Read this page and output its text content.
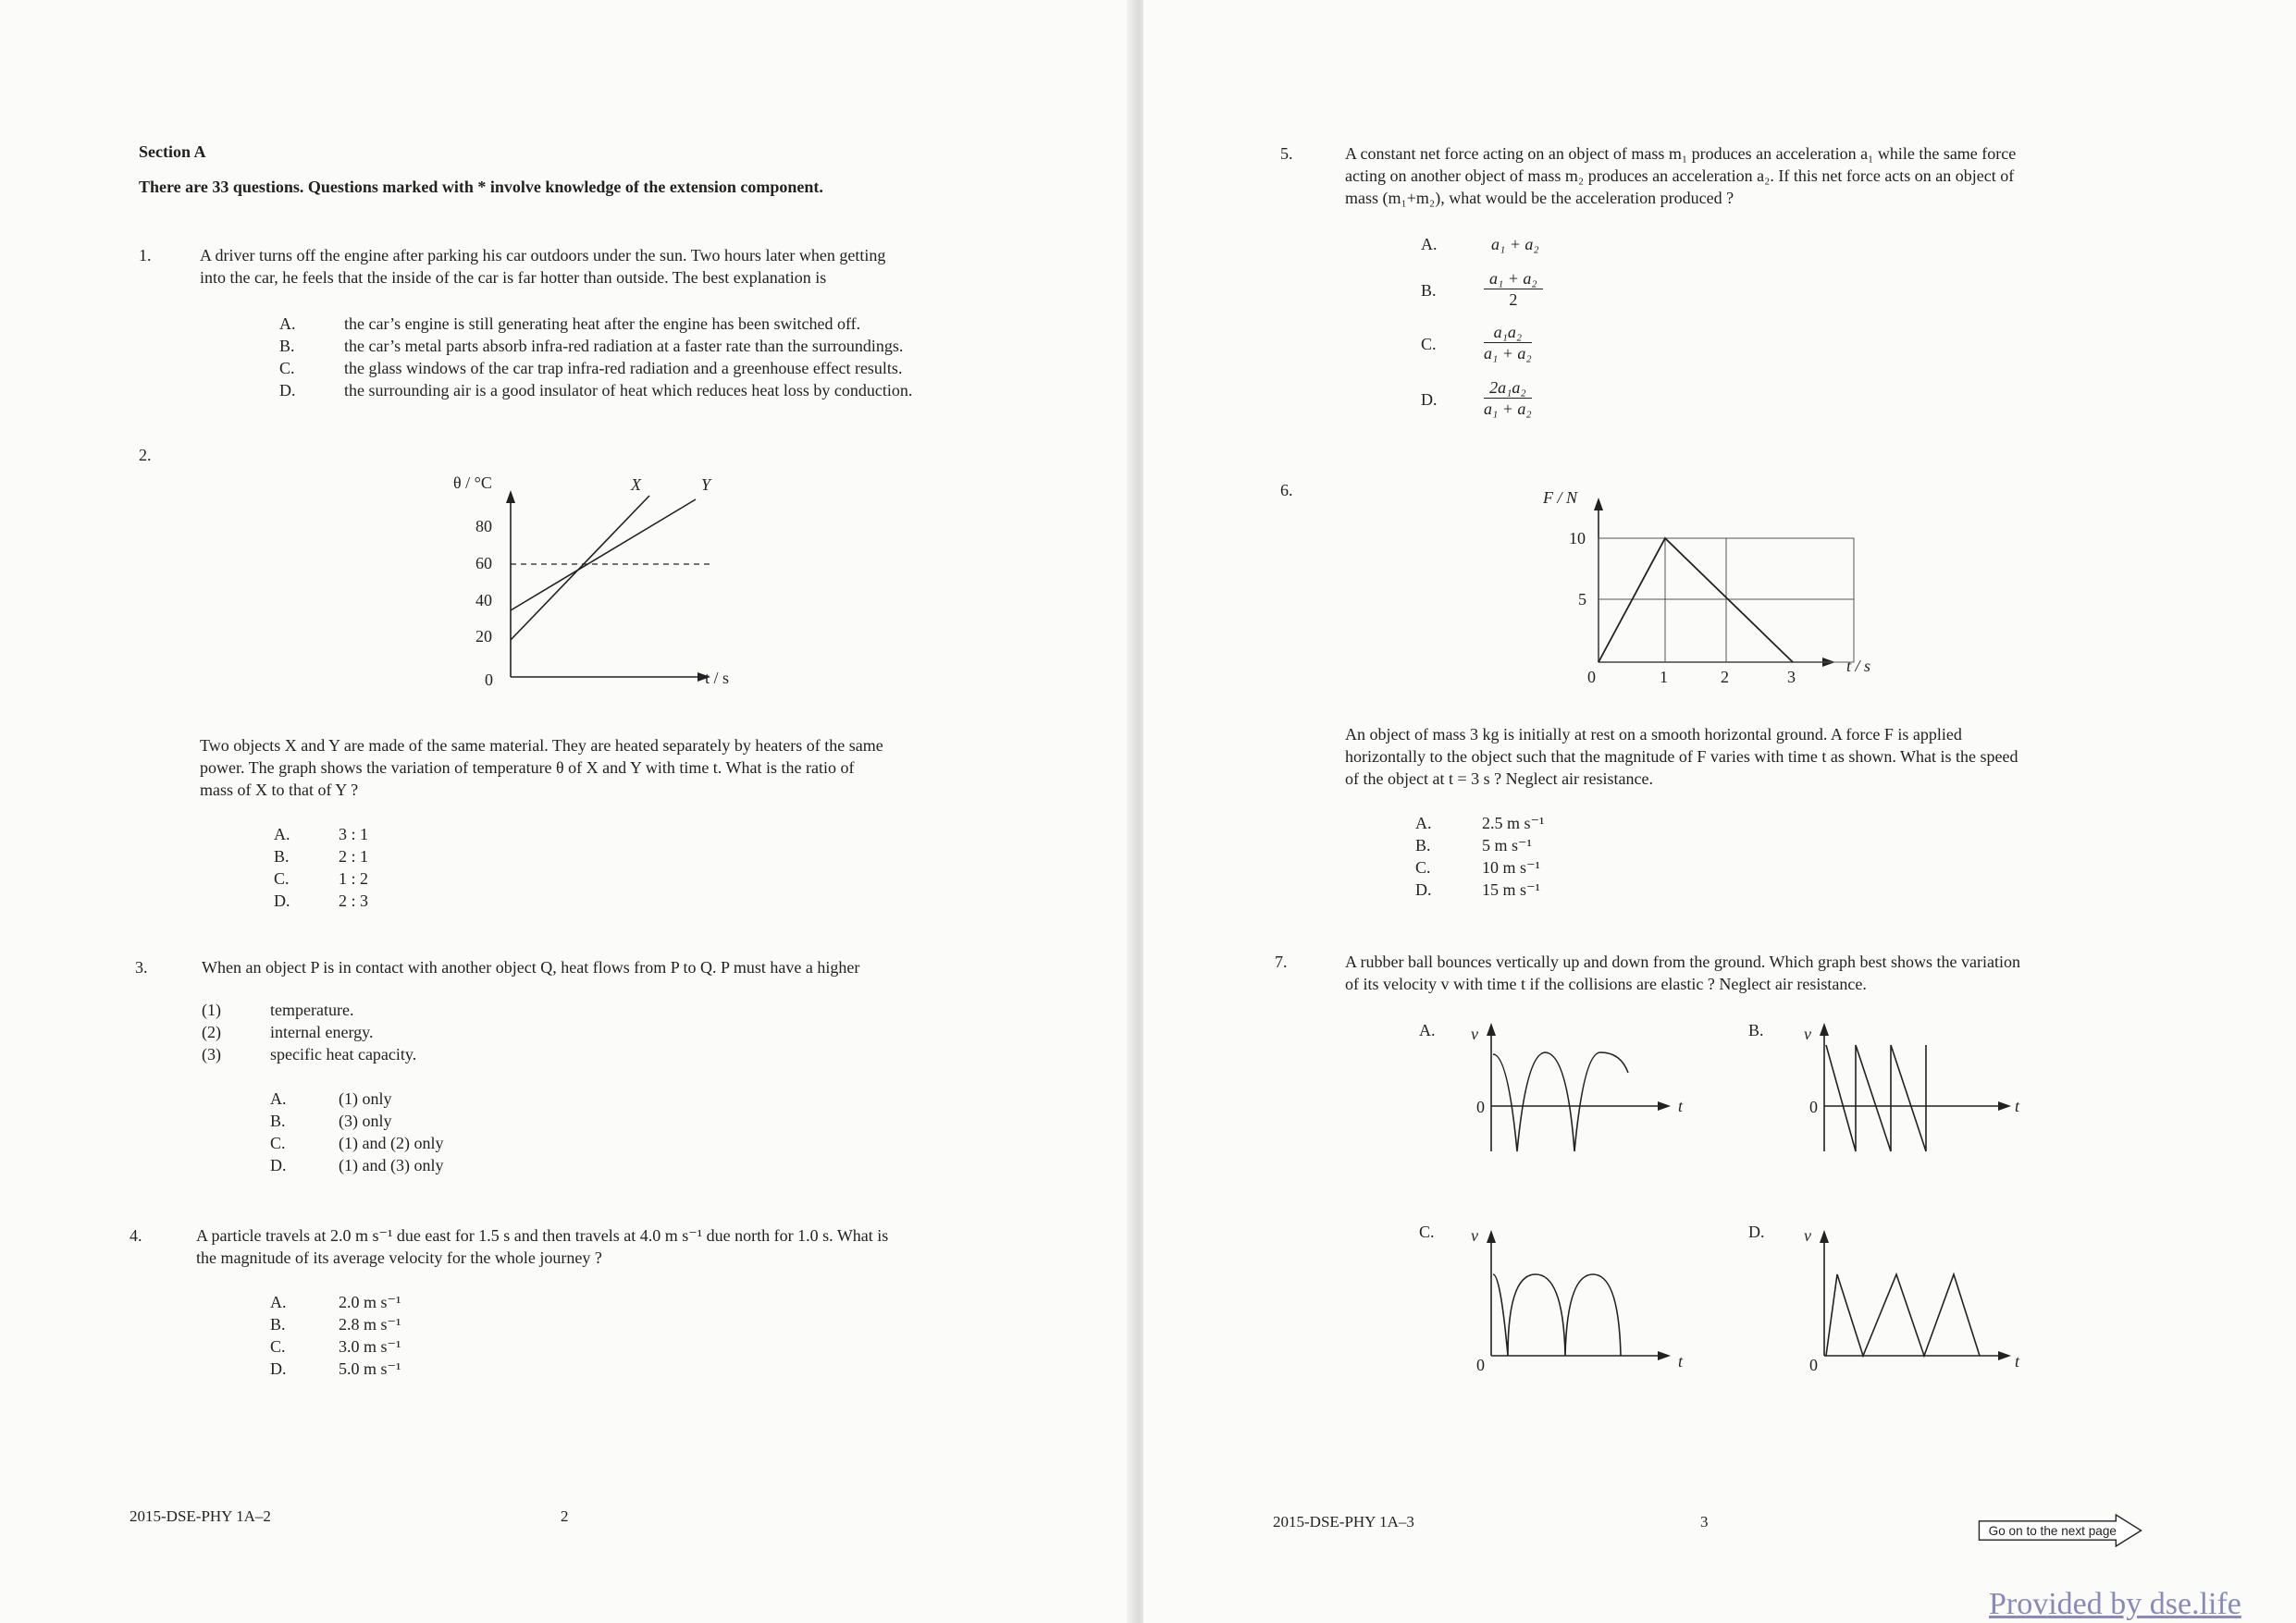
Section A
There are 33 questions. Questions marked with * involve knowledge of the extension component.
1.	A driver turns off the engine after parking his car outdoors under the sun. Two hours later when getting
into the car, he feels that the inside of the car is far hotter than outside. The best explanation is
A.	the car’s engine is still generating heat after the engine has been switched off.
B.	the car’s metal parts absorb infra-red radiation at a faster rate than the surroundings.
C.	the glass windows of the car trap infra-red radiation and a greenhouse effect results.
D.	the surrounding air is a good insulator of heat which reduces heat loss by conduction.
2.
θ / °C
t / s
80
60
40
20
0
X	Y
Two objects X and Y are made of the same material. They are heated separately by heaters of the same
power. The graph shows the variation of temperature θ of X and Y with time t. What is the ratio of
mass of X to that of Y ?
A.	3 : 1
B.	2 : 1
C.	1 : 2
D.	2 : 3
3.	When an object P is in contact with another object Q, heat flows from P to Q. P must have a higher
(1)	temperature.
(2)	internal energy.
(3)	specific heat capacity.
A.	(1) only
B.	(3) only
C.	(1) and (2) only
D.	(1) and (3) only
4.	A particle travels at 2.0 m s⁻¹ due east for 1.5 s and then travels at 4.0 m s⁻¹ due north for 1.0 s. What is
the magnitude of its average velocity for the whole journey ?
A.	2.0 m s⁻¹
B.	2.8 m s⁻¹
C.	3.0 m s⁻¹
D.	5.0 m s⁻¹
2015-DSE-PHY 1A–2	2
5.	A constant net force acting on an object of mass m₁ produces an acceleration a₁ while the same force
acting on another object of mass m₂ produces an acceleration a₂. If this net force acts on an object of
mass (m₁+m₂), what would be the acceleration produced ?
A.	a₁ + a₂
B.	$\frac{\text{a₁ + a₂}}{2}$
C.	$\frac{\text{a₁a₂}}{\text{a₁ + a₂}}$
D.	$\frac{\text{2a₁a₂}}{\text{a₁ + a₂}}$
6.	F / N
t / s
10
5
0	1	2	3
An object of mass 3 kg is initially at rest on a smooth horizontal ground. A force F is applied
horizontally to the object such that the magnitude of F varies with time t as shown. What is the speed
of the object at t = 3 s ? Neglect air resistance.
A.	2.5 m s⁻¹
B.	5 m s⁻¹
C.	10 m s⁻¹
D.	15 m s⁻¹
7.	A rubber ball bounces vertically up and down from the ground. Which graph best shows the variation
of its velocity v with time t if the collisions are elastic ? Neglect air resistance.
A. v
0	t
B. v
0	t
C. v
0	t
D. v
0	t
2015-DSE-PHY 1A–3	3
Go on to the next page
Provided by dse.life
